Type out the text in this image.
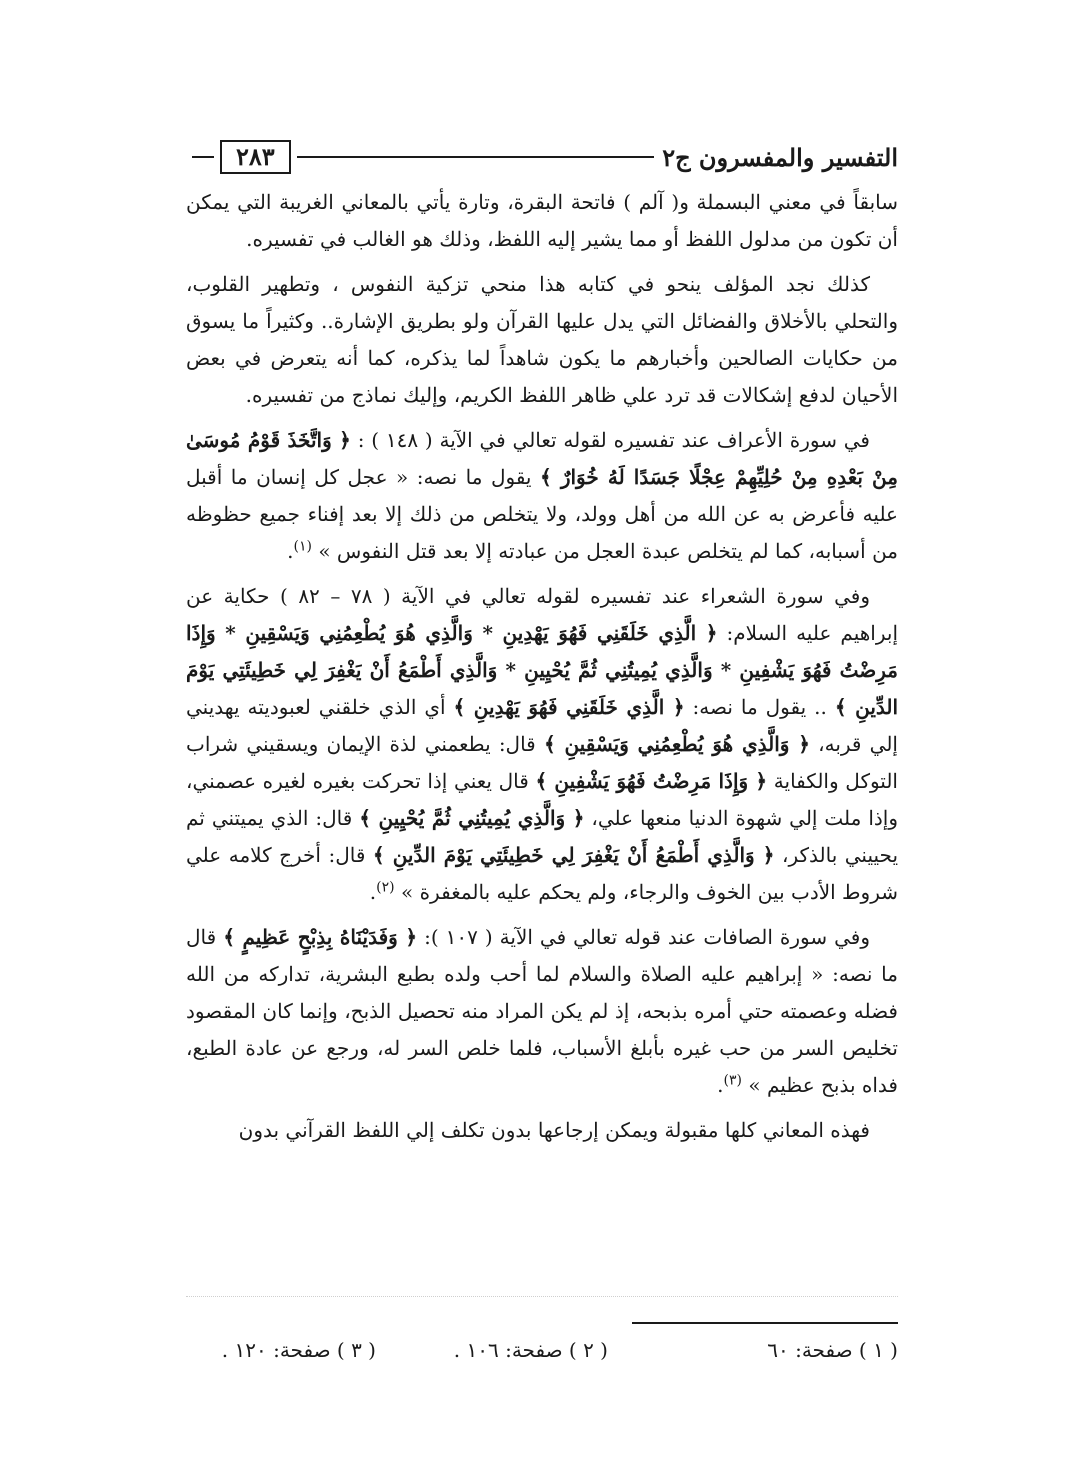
التفسير والمفسرون ج٢
٢٨٣

سابقاً في معني البسملة و( آلم ) فاتحة البقرة، وتارة يأتي بالمعاني الغريبة التي يمكن أن تكون من مدلول اللفظ أو مما يشير إليه اللفظ، وذلك هو الغالب في تفسيره.

كذلك نجد المؤلف ينحو في كتابه هذا منحي تزكية النفوس ، وتطهير القلوب، والتحلي بالأخلاق والفضائل التي يدل عليها القرآن ولو بطريق الإشارة.. وكثيراً ما يسوق من حكايات الصالحين وأخبارهم ما يكون شاهداً لما يذكره، كما أنه يتعرض في بعض الأحيان لدفع إشكالات قد ترد علي ظاهر اللفظ الكريم، وإليك نماذج من تفسيره.

في سورة الأعراف عند تفسيره لقوله تعالي في الآية ( ١٤٨ ) : ﴿ وَاتَّخَذَ قَوْمُ مُوسَىٰ مِنْ بَعْدِهِ مِنْ حُلِيِّهِمْ عِجْلًا جَسَدًا لَهُ خُوَارٌ ﴾ يقول ما نصه: « عجل كل إنسان ما أقبل عليه فأعرض به عن الله من أهل وولد، ولا يتخلص من ذلك إلا بعد إفناء جميع حظوظه من أسبابه، كما لم يتخلص عبدة العجل من عبادته إلا بعد قتل النفوس » $^{(١)}$.

وفي سورة الشعراء عند تفسيره لقوله تعالي في الآية ( ٧٨ – ٨٢ ) حكاية عن إبراهيم عليه السلام: ﴿ الَّذِي خَلَقَنِي فَهُوَ يَهْدِينِ * وَالَّذِي هُوَ يُطْعِمُنِي وَيَسْقِينِ * وَإِذَا مَرِضْتُ فَهُوَ يَشْفِينِ * وَالَّذِي يُمِيتُنِي ثُمَّ يُحْيِينِ * وَالَّذِي أَطْمَعُ أَنْ يَغْفِرَ لِي خَطِيئَتِي يَوْمَ الدِّينِ ﴾ .. يقول ما نصه: ﴿ الَّذِي خَلَقَنِي فَهُوَ يَهْدِينِ ﴾ أي الذي خلقني لعبوديته يهديني إلي قربه، ﴿ وَالَّذِي هُوَ يُطْعِمُنِي وَيَسْقِينِ ﴾ قال: يطعمني لذة الإيمان ويسقيني شراب التوكل والكفاية ﴿ وَإِذَا مَرِضْتُ فَهُوَ يَشْفِينِ ﴾ قال يعني إذا تحركت بغيره لغيره عصمني، وإذا ملت إلي شهوة الدنيا منعها علي، ﴿ وَالَّذِي يُمِيتُنِي ثُمَّ يُحْيِينِ ﴾ قال: الذي يميتني ثم يحييني بالذكر، ﴿ وَالَّذِي أَطْمَعُ أَنْ يَغْفِرَ لِي خَطِيئَتِي يَوْمَ الدِّينِ ﴾ قال: أخرج كلامه علي شروط الأدب بين الخوف والرجاء، ولم يحكم عليه بالمغفرة » $^{(٢)}$.

وفي سورة الصافات عند قوله تعالي في الآية ( ١٠٧ ): ﴿ وَفَدَيْنَاهُ بِذِبْحٍ عَظِيمٍ ﴾ قال ما نصه: « إبراهيم عليه الصلاة والسلام لما أحب ولده بطبع البشرية، تداركه من الله فضله وعصمته حتي أمره بذبحه، إذ لم يكن المراد منه تحصيل الذبح، وإنما كان المقصود تخليص السر من حب غيره بأبلغ الأسباب، فلما خلص السر له، ورجع عن عادة الطبع، فداه بذبح عظيم » $^{(٣)}$.

فهذه المعاني كلها مقبولة ويمكن إرجاعها بدون تكلف إلي اللفظ القرآني بدون

( ١ ) صفحة: ٦٠
( ٢ ) صفحة: ١٠٦ .
( ٣ ) صفحة: ١٢٠ .
